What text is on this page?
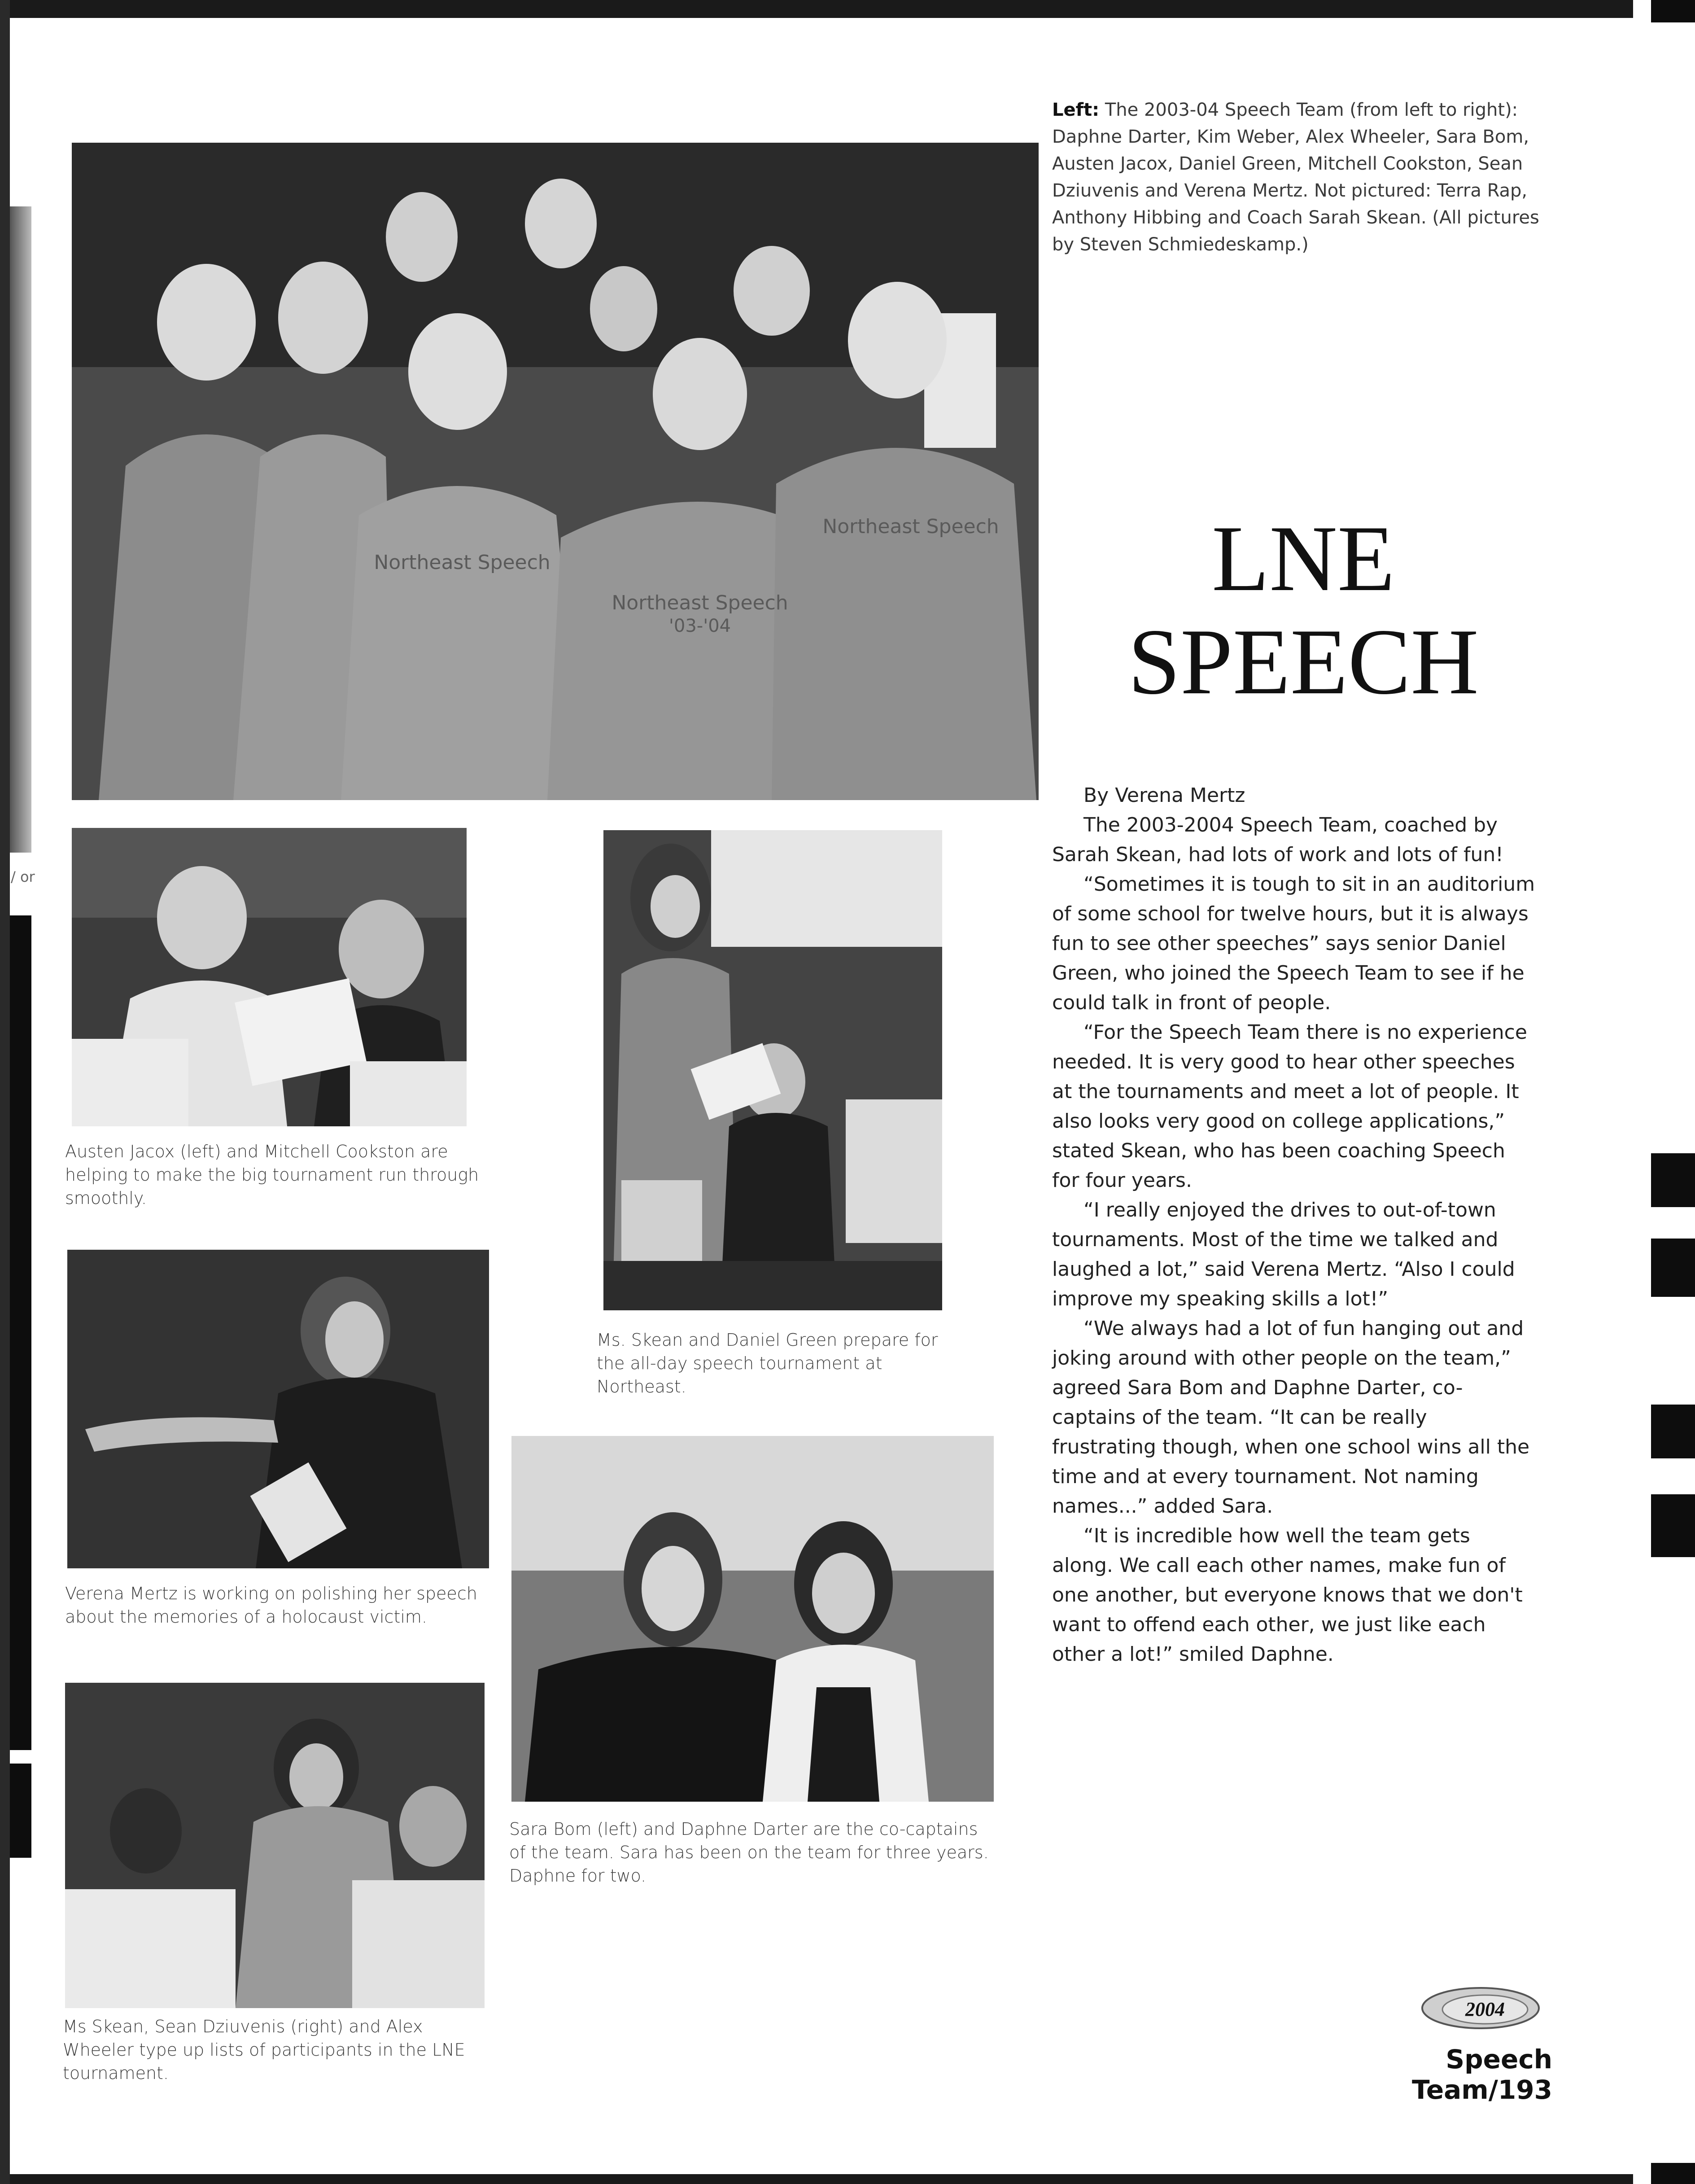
/ or
Northeast Speech
Northeast Speech
Northeast Speech
'03-'04
Left: The 2003-04 Speech Team (from left to right): Daphne Darter, Kim Weber, Alex Wheeler, Sara Bom, Austen Jacox, Daniel Green, Mitchell Cookston, Sean Dziuvenis and Verena Mertz. Not pictured: Terra Rap, Anthony Hibbing and Coach Sarah Skean. (All pictures by Steven Schmiedeskamp.)
LNE
SPEECH

By Verena Mertz

The 2003-2004 Speech Team, coached by Sarah Skean, had lots of work and lots of fun!

“Sometimes it is tough to sit in an auditorium of some school for twelve hours, but it is always fun to see other speeches” says senior Daniel Green, who joined the Speech Team to see if he could talk in front of people.

“For the Speech Team there is no experience needed. It is very good to hear other speeches at the tournaments and meet a lot of people. It also looks very good on college applications,” stated Skean, who has been coaching Speech for four years.

“I really enjoyed the drives to out-of-town tournaments. Most of the time we talked and laughed a lot,” said Verena Mertz. “Also I could improve my speaking skills a lot!”

“We always had a lot of fun hanging out and joking around with other people on the team,” agreed Sara Bom and Daphne Darter, co-captains of the team. “It can be really frustrating though, when one school wins all the time and at every tournament. Not naming names...” added Sara.

“It is incredible how well the team gets along. We call each other names, make fun of one another, but everyone knows that we don't want to offend each other, we just like each other a lot!” smiled Daphne.

Austen Jacox (left) and Mitchell Cookston are helping to make the big tournament run through smoothly.
Ms. Skean and Daniel Green prepare for the all-day speech tournament at Northeast.
Verena Mertz is working on polishing her speech about the memories of a holocaust victim.
Sara Bom (left) and Daphne Darter are the co-captains of the team. Sara has been on the team for three years. Daphne for two.
Ms Skean, Sean Dziuvenis (right) and Alex Wheeler type up lists of participants in the LNE tournament.
2004
Speech Team/193
